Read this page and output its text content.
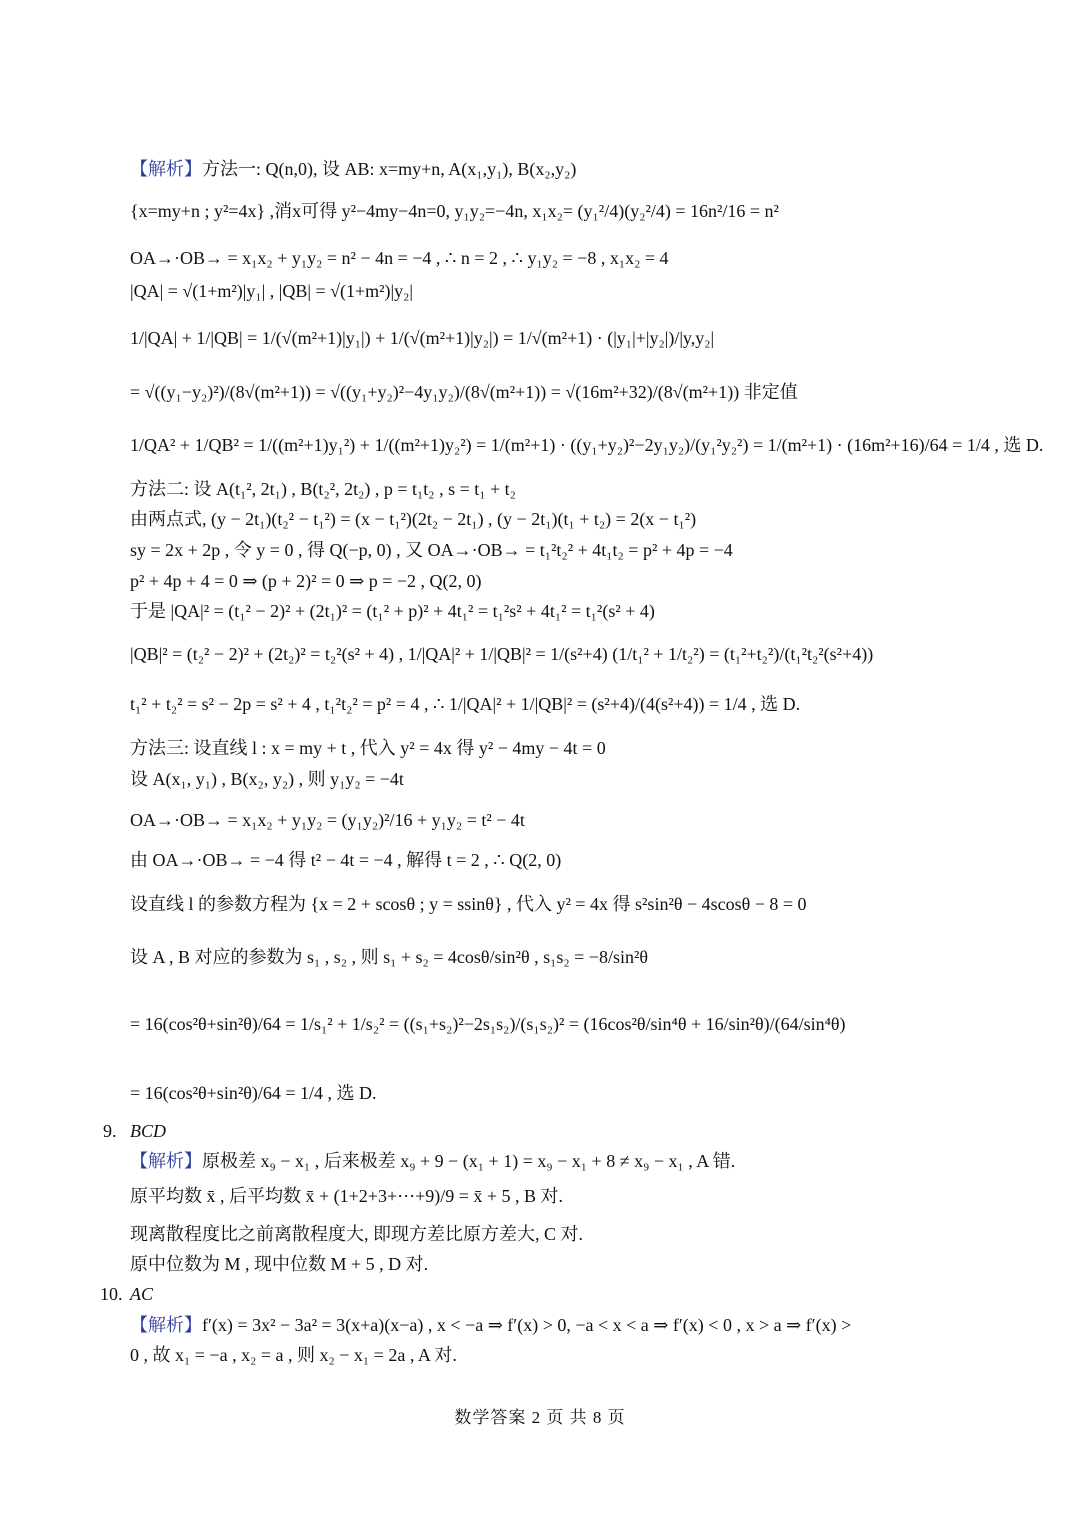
【解析】方法一: Q(n,0), 设 AB: x=my+n, A(x₁,y₁), B(x₂,y₂)
{x=my+n ; y²=4x} ,消x可得 y²−4my−4n=0, y₁y₂=−4n, x₁x₂= (y₁²/4)(y₂²/4) = 16n²/16 = n²
OA→·OB→ = x₁x₂ + y₁y₂ = n² − 4n = −4 , ∴ n = 2 , ∴ y₁y₂ = −8 , x₁x₂ = 4
|QA| = √(1+m²)|y₁| , |QB| = √(1+m²)|y₂|
1/|QA| + 1/|QB| = 1/(√(m²+1)|y₁|) + 1/(√(m²+1)|y₂|) = 1/√(m²+1) · (|y₁|+|y₂|)/|y,y₂|
= √((y₁−y₂)²)/(8√(m²+1)) = √((y₁+y₂)²−4y₁y₂)/(8√(m²+1)) = √(16m²+32)/(8√(m²+1)) 非定值
1/QA² + 1/QB² = 1/((m²+1)y₁²) + 1/((m²+1)y₂²) = 1/(m²+1) · ((y₁+y₂)²−2y₁y₂)/(y₁²y₂²) = 1/(m²+1) · (16m²+16)/64 = 1/4 , 选 D.
方法二: 设 A(t₁², 2t₁) , B(t₂², 2t₂) , p = t₁t₂ , s = t₁ + t₂
由两点式, (y − 2t₁)(t₂² − t₁²) = (x − t₁²)(2t₂ − 2t₁) , (y − 2t₁)(t₁ + t₂) = 2(x − t₁²)
sy = 2x + 2p , 令 y = 0 , 得 Q(−p, 0) , 又 OA→·OB→ = t₁²t₂² + 4t₁t₂ = p² + 4p = −4
p² + 4p + 4 = 0 ⇒ (p + 2)² = 0 ⇒ p = −2 , Q(2, 0)
于是 |QA|² = (t₁² − 2)² + (2t₁)² = (t₁² + p)² + 4t₁² = t₁²s² + 4t₁² = t₁²(s² + 4)
|QB|² = (t₂² − 2)² + (2t₂)² = t₂²(s² + 4) , 1/|QA|² + 1/|QB|² = 1/(s²+4) (1/t₁² + 1/t₂²) = (t₁²+t₂²)/(t₁²t₂²(s²+4))
t₁² + t₂² = s² − 2p = s² + 4 , t₁²t₂² = p² = 4 , ∴ 1/|QA|² + 1/|QB|² = (s²+4)/(4(s²+4)) = 1/4 , 选 D.
方法三: 设直线 l : x = my + t , 代入 y² = 4x 得 y² − 4my − 4t = 0
设 A(x₁, y₁) , B(x₂, y₂) , 则 y₁y₂ = −4t
OA→·OB→ = x₁x₂ + y₁y₂ = (y₁y₂)²/16 + y₁y₂ = t² − 4t
由 OA→·OB→ = −4 得 t² − 4t = −4 , 解得 t = 2 , ∴ Q(2, 0)
设直线 l 的参数方程为 {x = 2 + scosθ ; y = ssinθ} , 代入 y² = 4x 得 s²sin²θ − 4scosθ − 8 = 0
设 A , B 对应的参数为 s₁ , s₂ , 则 s₁ + s₂ = 4cosθ/sin²θ , s₁s₂ = −8/sin²θ
= 16(cos²θ+sin²θ)/64 = 1/s₁² + 1/s₂² = ((s₁+s₂)²−2s₁s₂)/(s₁s₂)² = (16cos²θ/sin⁴θ + 16/sin²θ)/(64/sin⁴θ)
= 16(cos²θ+sin²θ)/64 = 1/4 , 选 D.
9. BCD
【解析】原极差 x₉ − x₁ , 后来极差 x₉ + 9 − (x₁ + 1) = x₉ − x₁ + 8 ≠ x₉ − x₁ , A 错.
原平均数 x̄ , 后平均数 x̄ + (1+2+3+⋯+9)/9 = x̄ + 5 , B 对.
现离散程度比之前离散程度大, 即现方差比原方差大, C 对.
原中位数为 M , 现中位数 M + 5 , D 对.
10. AC
【解析】f′(x) = 3x² − 3a² = 3(x+a)(x−a) , x < −a ⇒ f′(x) > 0, −a < x < a ⇒ f′(x) < 0 , x > a ⇒ f′(x) >
0 , 故 x₁ = −a , x₂ = a , 则 x₂ − x₁ = 2a , A 对.
数学答案 2 页 共 8 页
